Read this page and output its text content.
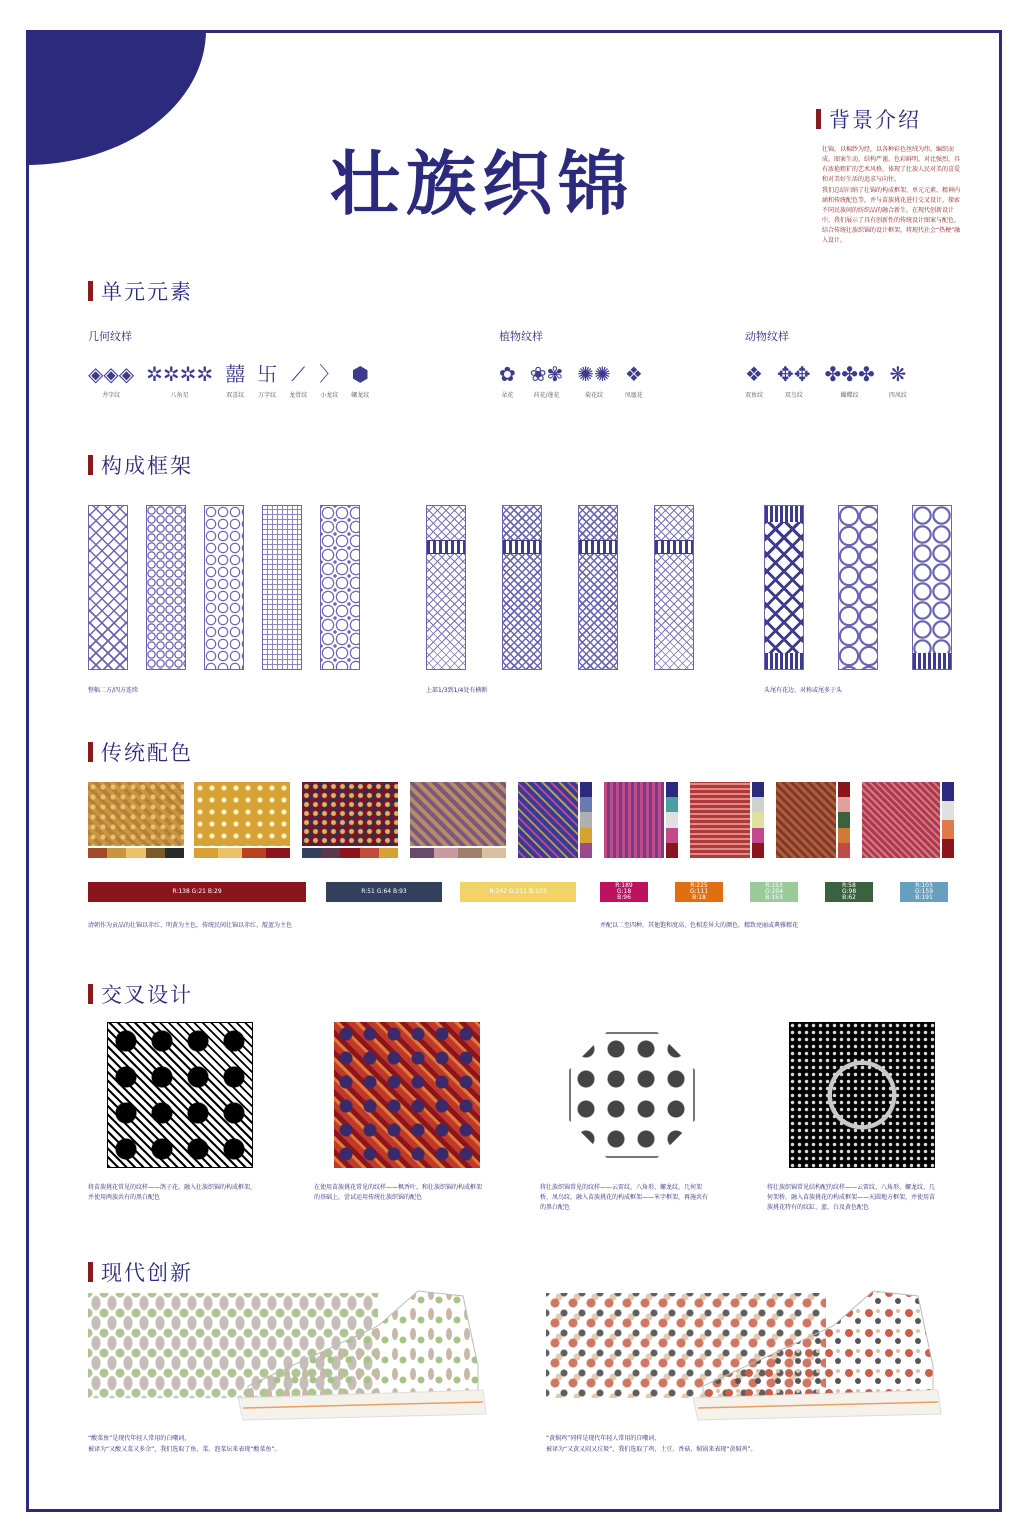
壮族织锦
背景介绍

壮锦，以棉纱为经，以各种彩色丝绒为纬，编织而成。图案生动、结构严谨、色彩鲜明，对比强烈，具有浓艳粗犷的艺术风格，体现了壮族人民对美的喜爱和对美好生活的追求与向往。

我们总结归纳了壮锦的构成框架、单元元素、精神内涵和传统配色等，并与苗族挑花进行交叉设计，探索不同民族间的纺织品的融合新生。在现代创新设计中，我们展示了具有创新性的传统设计图案与配色，结合传统壮族织锦的设计框架，将现代社会“热梗”融入设计。

单元元素
几何纹样	植物纹样	动物纹样
◈◈◈
井字纹
✲✲✲✲
八角星
囍
双喜纹
卐
万字纹
⟋
龙骨纹
〉
小龙纹
⬢
螺龙纹
✿
朵花
❀✾
荷花/莲花
✺✺
菊花纹
❖
凤凰花
❖
双鱼纹
✥✥
双鸟纹
✤✤✤
蝴蝶纹
❋
四凤纹
构成框架
整幅二方/四方连续	上部1/3到1/4处有横断	头尾有花边、对称或尾多于头
传统配色
R:138 G:21 B:29	R:51 G:64 B:93	R:242 G:211 B:103
R:189
G:18
B:96
R:225
G:111
B:18
R:153
G:204
B:153
R:58
G:98
B:62
R:103
G:159
B:191
清朝作为贡品的壮锦以赤红、明黄为主色，传统民间壮锦以赤红、靛蓝为主色	并配以二至四种，其他饱和度高、色相差异大的颜色，精致亮丽或典雅精花
交叉设计
将苗族挑花常见的纹样——鸽子花，融入壮族织锦的构成框架，并使用两族共有的黑白配色
在使用苗族挑花常见的纹样——枫香叶，和壮族织锦的构成框架的基础上，尝试运用传统壮族织锦的配色
将壮族织锦常见的纹样——云雷纹、八角形、螺龙纹、几何架桥、凤鸟纹，融入苗族挑花的构成框架——米字框架，再施共有的黑白配色
将壮族织锦常见结构配的纹样——云雷纹、八角形、螺龙纹、几何架桥，融入苗族挑花的构成框架——天圆地方框架，并使用苗族挑花特有的纹缸、蓝、白及黄色配色
现代创新
“酸菜鱼”是现代年轻人常用的白嘲词，
被译为“又酸又菜又多余”，我们选取了鱼、菜、泡菜坛来表现“酸菜鱼”。
“黄焖鸡”同样是现代年轻人常用的自嘲词，
被译为“又黄又闷又垃圾”，我们选取了鸡、土豆、香菇、焖锅来表现“黄焖鸡”。
